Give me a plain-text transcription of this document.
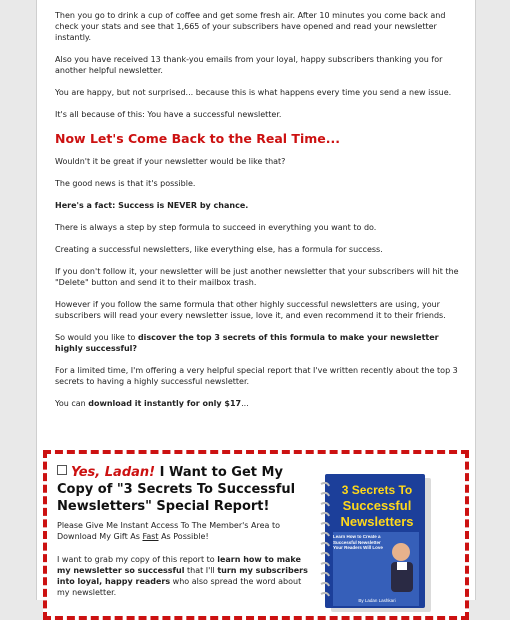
Then you go to drink a cup of coffee and get some fresh air. After 10 minutes you come back and check your stats and see that 1,665 of your subscribers have opened and read your newsletter instantly.

Also you have received 13 thank-you emails from your loyal, happy subscribers thanking you for another helpful newsletter.

You are happy, but not surprised... because this is what happens every time you send a new issue.

It's all because of this: You have a successful newsletter.

Now Let's Come Back to the Real Time...

Wouldn't it be great if your newsletter would be like that?

The good news is that it's possible.

Here's a fact: Success is NEVER by chance.

There is always a step by step formula to succeed in everything you want to do.

Creating a successful newsletters, like everything else, has a formula for success.

If you don't follow it, your newsletter will be just another newsletter that your subscribers will hit the "Delete" button and send it to their mailbox trash.

However if you follow the same formula that other highly successful newsletters are using, your subscribers will read your every newsletter issue, love it, and even recommend it to their friends.

So would you like to discover the top 3 secrets of this formula to make your newsletter highly successful?

For a limited time, I'm offering a very helpful special report that I've written recently about the top 3 secrets to having a highly successful newsletter.

You can download it instantly for only $17...

Yes, Ladan! I Want to Get My Copy of "3 Secrets To Successful Newsletters" Special Report!
Please Give Me Instant Access To The Member's Area to Download My Gift As Fast As Possible!
I want to grab my copy of this report to learn how to make my newsletter so successful that I'll turn my subscribers into loyal, happy readers who also spread the word about my newsletter.
3 Secrets To
Successful
Newsletters
Learn How to Create a Successful Newsletter Your Readers Will Love
By Ladan Lashkari
